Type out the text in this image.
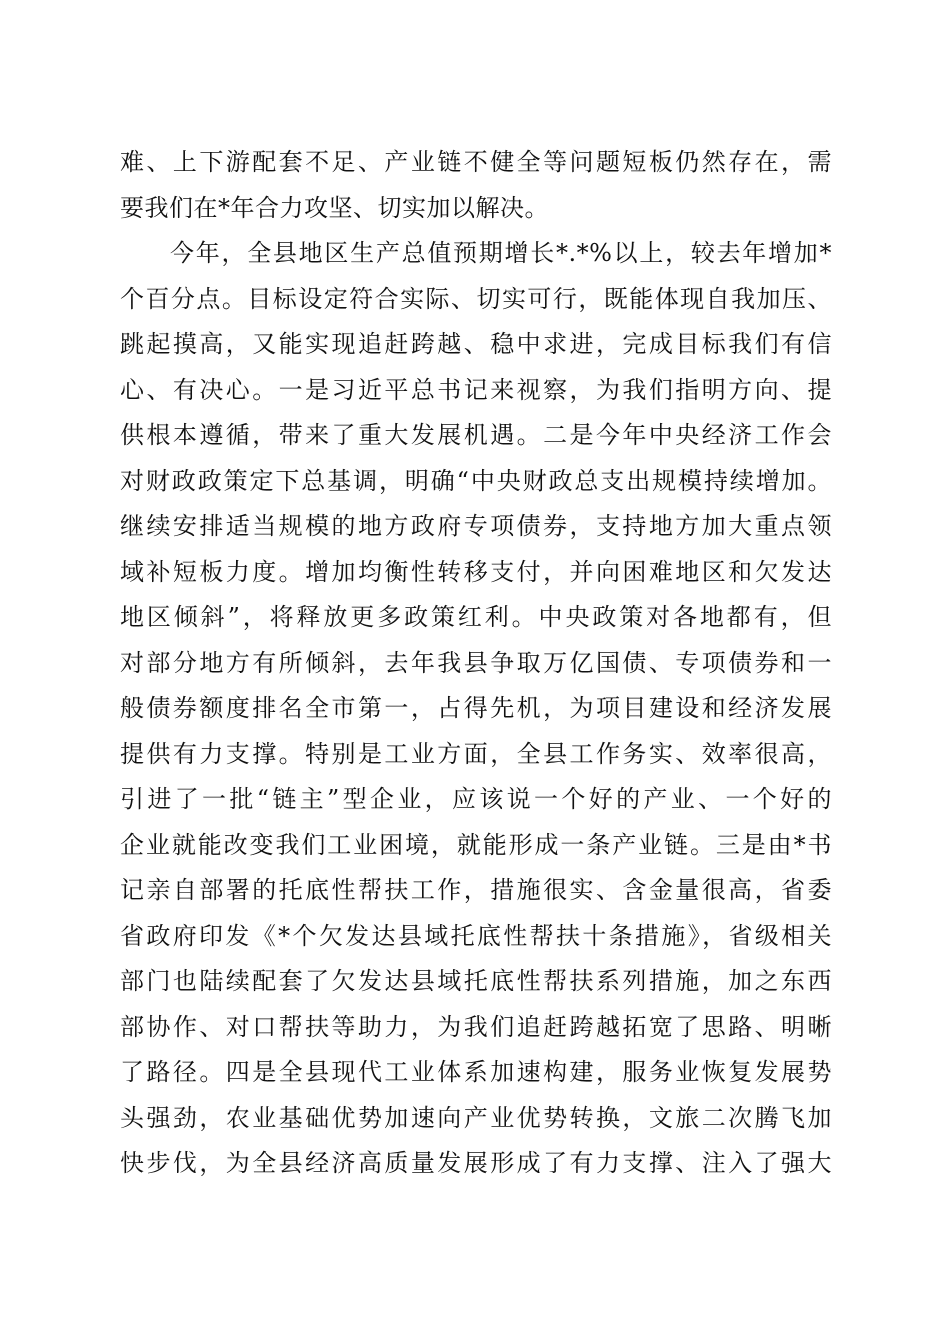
难、上下游配套不足、产业链不健全等问题短板仍然存在，需
要我们在*年合力攻坚、切实加以解决。
今年，全县地区生产总值预期增长*.*%以上，较去年增加*
个百分点。目标设定符合实际、切实可行，既能体现自我加压、
跳起摸高，又能实现追赶跨越、稳中求进，完成目标我们有信
心、有决心。一是习近平总书记来视察，为我们指明方向、提
供根本遵循，带来了重大发展机遇。二是今年中央经济工作会
对财政政策定下总基调，明确“中央财政总支出规模持续增加。
继续安排适当规模的地方政府专项债券，支持地方加大重点领
域补短板力度。增加均衡性转移支付，并向困难地区和欠发达
地区倾斜”，将释放更多政策红利。中央政策对各地都有，但
对部分地方有所倾斜，去年我县争取万亿国债、专项债券和一
般债券额度排名全市第一，占得先机，为项目建设和经济发展
提供有力支撑。特别是工业方面，全县工作务实、效率很高，
引进了一批“链主”型企业，应该说一个好的产业、一个好的
企业就能改变我们工业困境，就能形成一条产业链。三是由*书
记亲自部署的托底性帮扶工作，措施很实、含金量很高，省委
省政府印发《*个欠发达县域托底性帮扶十条措施》，省级相关
部门也陆续配套了欠发达县域托底性帮扶系列措施，加之东西
部协作、对口帮扶等助力，为我们追赶跨越拓宽了思路、明晰
了路径。四是全县现代工业体系加速构建，服务业恢复发展势
头强劲，农业基础优势加速向产业优势转换，文旅二次腾飞加
快步伐，为全县经济高质量发展形成了有力支撑、注入了强大
